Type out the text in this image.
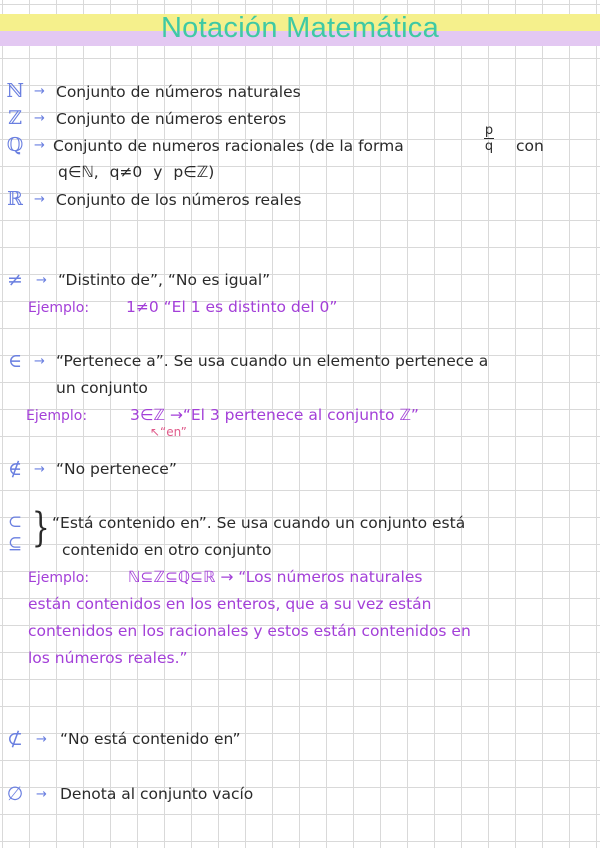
Notación Matemática
ℕ → Conjunto de números naturales
ℤ → Conjunto de números enteros
ℚ → Conjunto de numeros racionales (de la forma
p
q con
q∈ℕ, q≠0 y p∈ℤ)
ℝ → Conjunto de los números reales
≠ → “Distinto de”, “No es igual”
Ejemplo: 1≠0 “El 1 es distinto del 0”
∈ → “Pertenece a”. Se usa cuando un elemento pertenece a
un conjunto
Ejemplo:	3∈ℤ →“El 3 pertenece al conjunto ℤ”
↖“en”
∉ → “No pertenece”
⊂
⊆ } “Está contenido en”. Se usa cuando un conjunto está
contenido en otro conjunto
Ejemplo:	ℕ⊆ℤ⊆ℚ⊆ℝ → “Los números naturales
están contenidos en los enteros, que a su vez están
contenidos en los racionales y estos están contenidos en
los números reales.”
⊄ → “No está contenido en”
∅ → Denota al conjunto vacío
